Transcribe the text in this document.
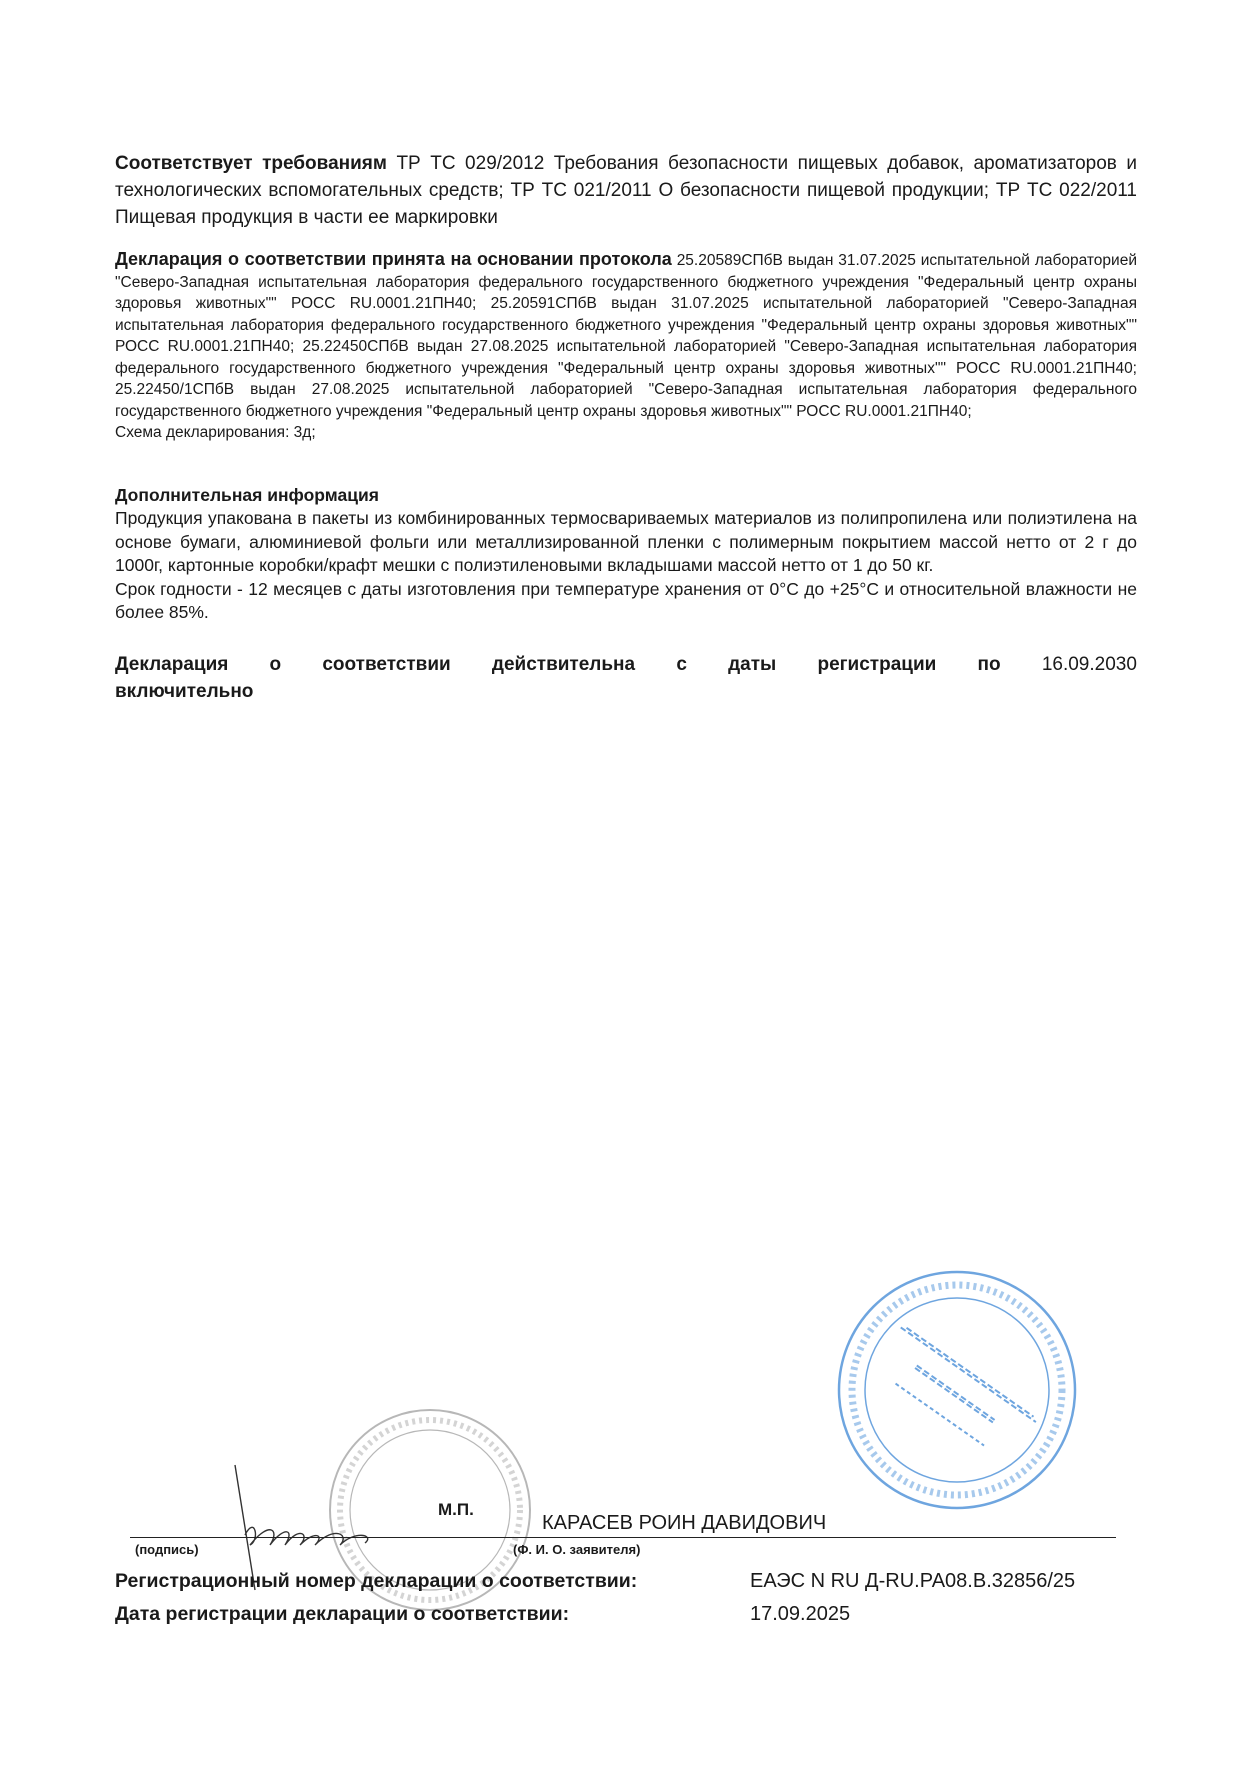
Соответствует требованиям ТР ТС 029/2012 Требования безопасности пищевых добавок, ароматизаторов и технологических вспомогательных средств; ТР ТС 021/2011 О безопасности пищевой продукции; ТР ТС 022/2011 Пищевая продукция в части ее маркировки
Декларация о соответствии принята на основании протокола 25.20589СПбВ выдан 31.07.2025 испытательной лабораторией "Северо-Западная испытательная лаборатория федерального государственного бюджетного учреждения "Федеральный центр охраны здоровья животных"" РОСС RU.0001.21ПН40; 25.20591СПбВ выдан 31.07.2025 испытательной лабораторией "Северо-Западная испытательная лаборатория федерального государственного бюджетного учреждения "Федеральный центр охраны здоровья животных"" РОСС RU.0001.21ПН40; 25.22450СПбВ выдан 27.08.2025 испытательной лабораторией "Северо-Западная испытательная лаборатория федерального государственного бюджетного учреждения "Федеральный центр охраны здоровья животных"" РОСС RU.0001.21ПН40; 25.22450/1СПбВ выдан 27.08.2025 испытательной лабораторией "Северо-Западная испытательная лаборатория федерального государственного бюджетного учреждения "Федеральный центр охраны здоровья животных"" РОСС RU.0001.21ПН40;
Схема декларирования: 3д;
Дополнительная информация
Продукция упакована в пакеты из комбинированных термосвариваемых материалов из полипропилена или полиэтилена на основе бумаги, алюминиевой фольги или металлизированной пленки с полимерным покрытием массой нетто от 2 г до 1000г, картонные коробки/крафт мешки с полиэтиленовыми вкладышами массой нетто от 1 до 50 кг.
Срок годности - 12 месяцев с даты изготовления при температуре хранения от 0°C до +25°C и относительной влажности не более 85%.
Декларация о соответствии действительна с даты регистрации по 16.09.2030
включительно
М.П.
КАРАСЕВ РОИН ДАВИДОВИЧ
(подпись)	(Ф. И. О. заявителя)
Регистрационный номер декларации о соответствии:	ЕАЭС N RU Д-RU.РА08.В.32856/25
Дата регистрации декларации о соответствии:	17.09.2025
